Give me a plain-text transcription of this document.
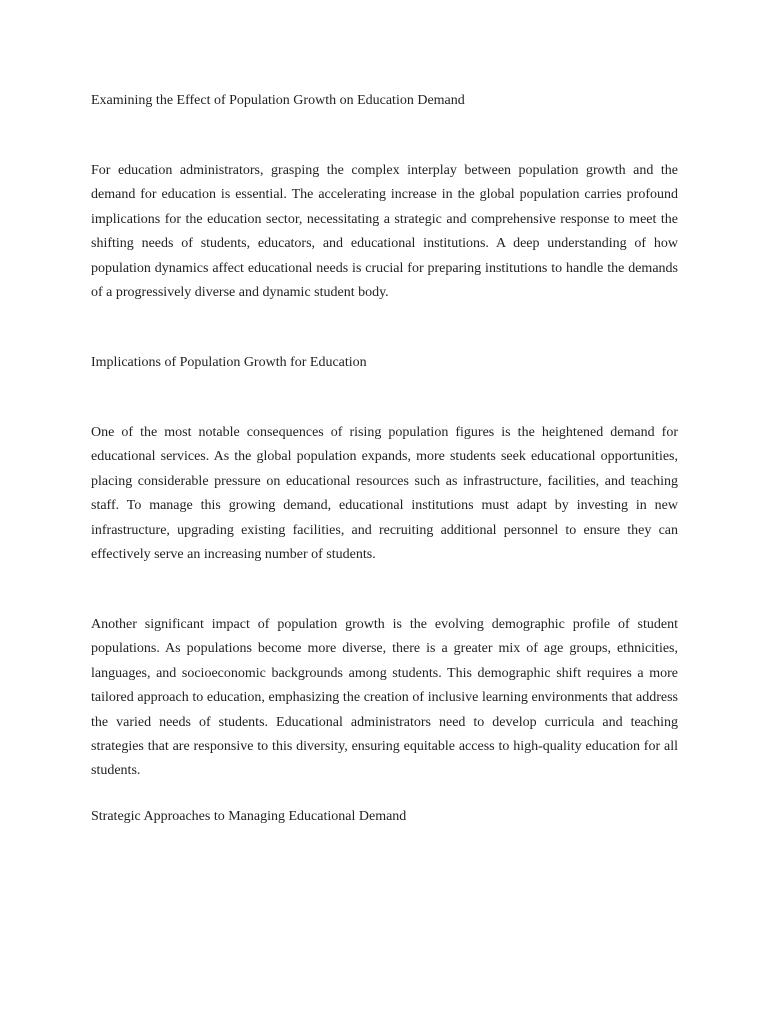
Examining the Effect of Population Growth on Education Demand

For education administrators, grasping the complex interplay between population growth and the demand for education is essential. The accelerating increase in the global population carries profound implications for the education sector, necessitating a strategic and comprehensive response to meet the shifting needs of students, educators, and educational institutions. A deep understanding of how population dynamics affect educational needs is crucial for preparing institutions to handle the demands of a progressively diverse and dynamic student body.

Implications of Population Growth for Education

One of the most notable consequences of rising population figures is the heightened demand for educational services. As the global population expands, more students seek educational opportunities, placing considerable pressure on educational resources such as infrastructure, facilities, and teaching staff. To manage this growing demand, educational institutions must adapt by investing in new infrastructure, upgrading existing facilities, and recruiting additional personnel to ensure they can effectively serve an increasing number of students.

Another significant impact of population growth is the evolving demographic profile of student populations. As populations become more diverse, there is a greater mix of age groups, ethnicities, languages, and socioeconomic backgrounds among students. This demographic shift requires a more tailored approach to education, emphasizing the creation of inclusive learning environments that address the varied needs of students. Educational administrators need to develop curricula and teaching strategies that are responsive to this diversity, ensuring equitable access to high-quality education for all students.

Strategic Approaches to Managing Educational Demand
